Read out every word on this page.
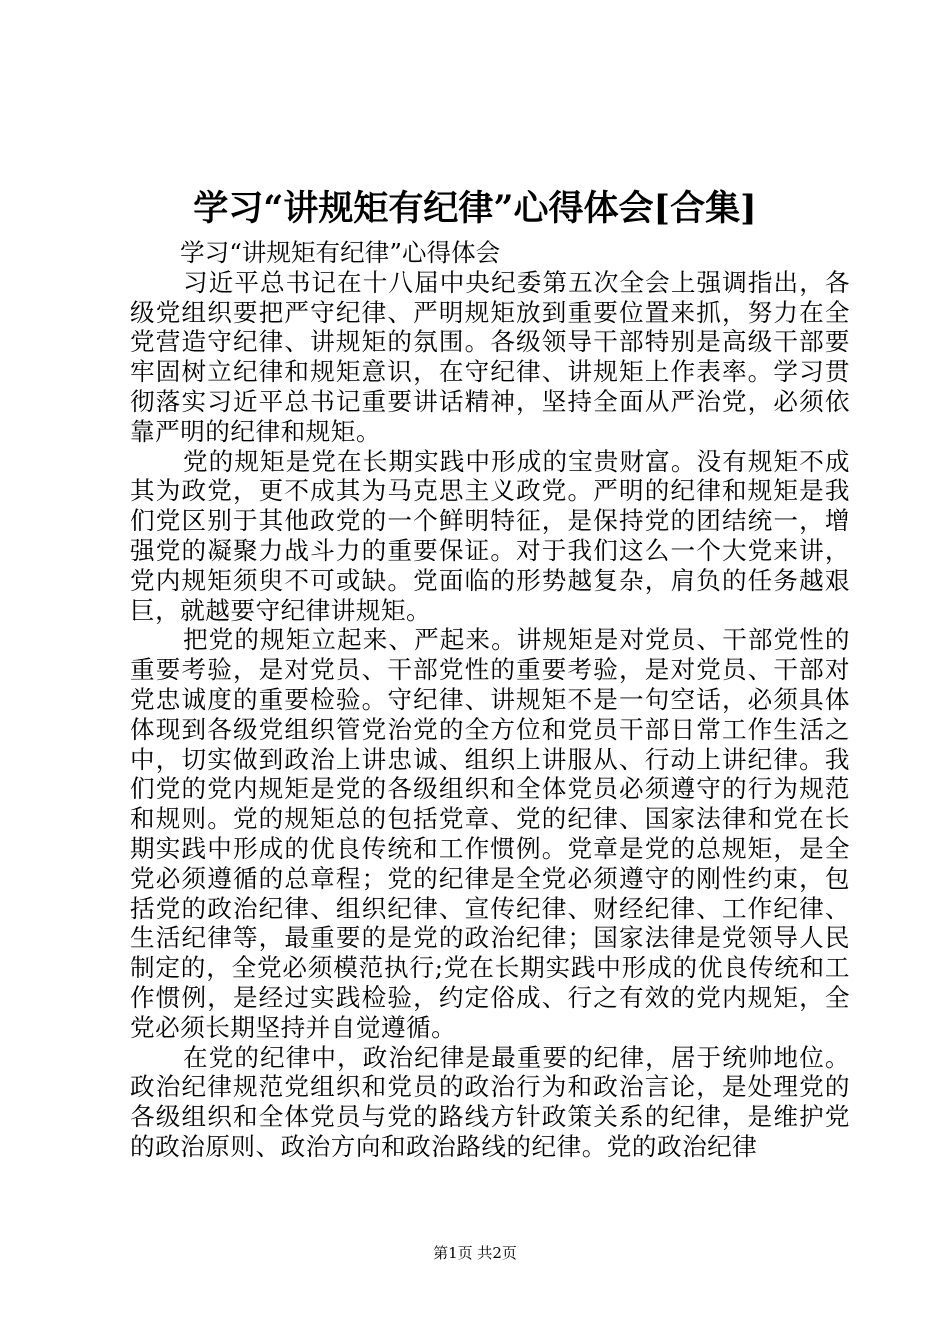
学习“讲规矩有纪律”心得体会[合集]

学习“讲规矩有纪律”心得体会

习近平总书记在十八届中央纪委第五次全会上强调指出，各级党组织要把严守纪律、严明规矩放到重要位置来抓，努力在全党营造守纪律、讲规矩的氛围。各级领导干部特别是高级干部要牢固树立纪律和规矩意识，在守纪律、讲规矩上作表率。学习贯彻落实习近平总书记重要讲话精神，坚持全面从严治党，必须依靠严明的纪律和规矩。

党的规矩是党在长期实践中形成的宝贵财富。没有规矩不成其为政党，更不成其为马克思主义政党。严明的纪律和规矩是我们党区别于其他政党的一个鲜明特征，是保持党的团结统一，增强党的凝聚力战斗力的重要保证。对于我们这么一个大党来讲，党内规矩须臾不可或缺。党面临的形势越复杂，肩负的任务越艰巨，就越要守纪律讲规矩。

把党的规矩立起来、严起来。讲规矩是对党员、干部党性的重要考验，是对党员、干部党性的重要考验，是对党员、干部对党忠诚度的重要检验。守纪律、讲规矩不是一句空话，必须具体体现到各级党组织管党治党的全方位和党员干部日常工作生活之中，切实做到政治上讲忠诚、组织上讲服从、行动上讲纪律。我们党的党内规矩是党的各级组织和全体党员必须遵守的行为规范和规则。党的规矩总的包括党章、党的纪律、国家法律和党在长期实践中形成的优良传统和工作惯例。党章是党的总规矩，是全党必须遵循的总章程；党的纪律是全党必须遵守的刚性约束，包括党的政治纪律、组织纪律、宣传纪律、财经纪律、工作纪律、生活纪律等，最重要的是党的政治纪律；国家法律是党领导人民制定的，全党必须模范执行;党在长期实践中形成的优良传统和工作惯例，是经过实践检验，约定俗成、行之有效的党内规矩，全党必须长期坚持并自觉遵循。

在党的纪律中，政治纪律是最重要的纪律，居于统帅地位。政治纪律规范党组织和党员的政治行为和政治言论，是处理党的各级组织和全体党员与党的路线方针政策关系的纪律，是维护党的政治原则、政治方向和政治路线的纪律。党的政治纪律

第1页 共2页
